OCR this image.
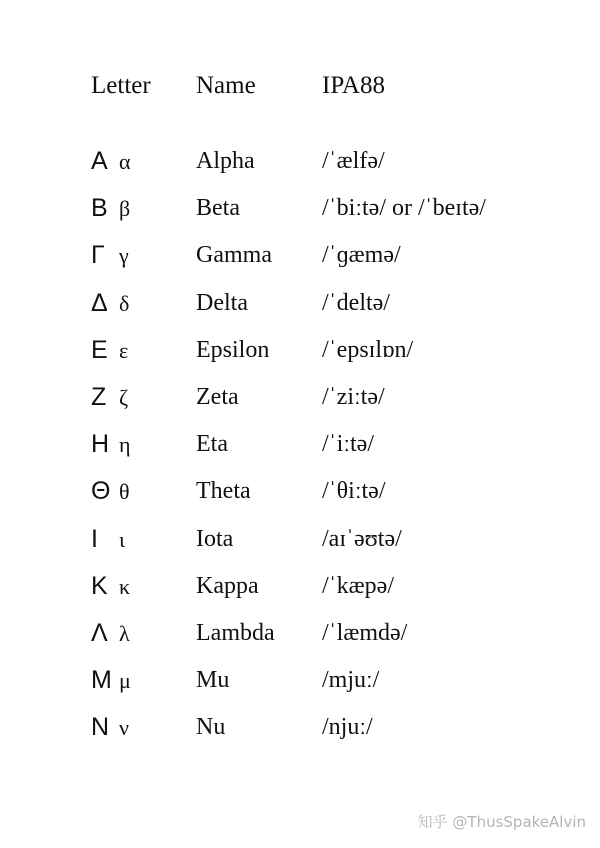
Letter Name	IPA88
Α α	Alpha	/ˈælfə/
Β β	Beta	/ˈbiːtə/ or /ˈbeɪtə/
Γ γ	Gamma /ˈɡæmə/
Δ δ	Delta	/ˈdeltə/
Ε ε	Epsilon /ˈepsɪlɒn/
Ζ ζ	Zeta	/ˈziːtə/
Η η	Eta	/ˈiːtə/
Θ θ	Theta	/ˈθiːtə/
Ι ι	Iota	/aɪˈəʊtə/
Κ κ	Kappa	/ˈkæpə/
Λ λ	Lambda /ˈlæmdə/
Μ μ	Mu	/mjuː/
Ν ν	Nu	/njuː/
知乎 @ThusSpakeAlvin
